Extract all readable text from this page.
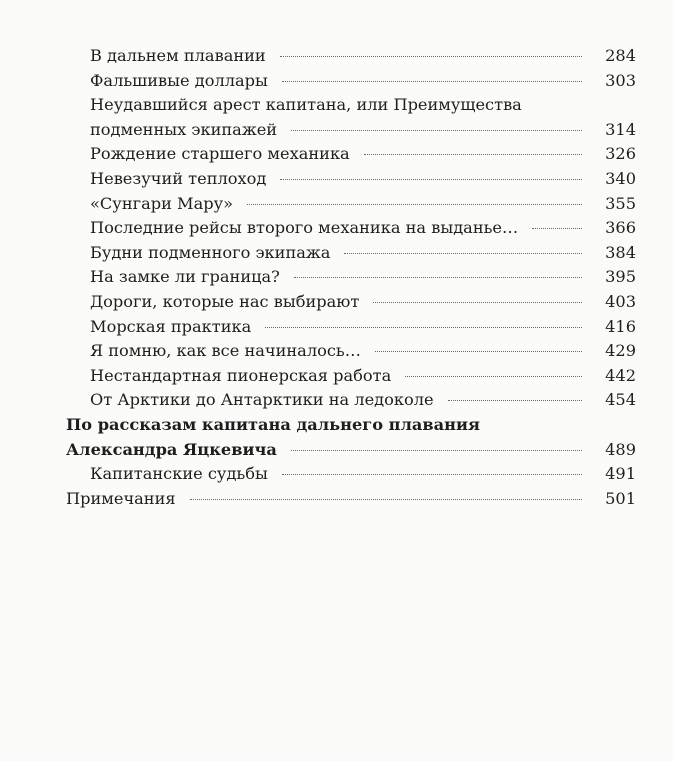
В дальнем плавании	284
Фальшивые доллары	303
Неудавшийся арест капитана, или Преимущества
подменных экипажей	314
Рождение старшего механика	326
Невезучий теплоход	340
«Сунгари Мару»	355
Последние рейсы второго механика на выданье…	366
Будни подменного экипажа	384
На замке ли граница?	395
Дороги, которые нас выбирают	403
Морская практика	416
Я помню, как все начиналось…	429
Нестандартная пионерская работа	442
От Арктики до Антарктики на ледоколе	454
По рассказам капитана дальнего плавания
Александра Яцкевича	489
Капитанские судьбы	491
Примечания	501
